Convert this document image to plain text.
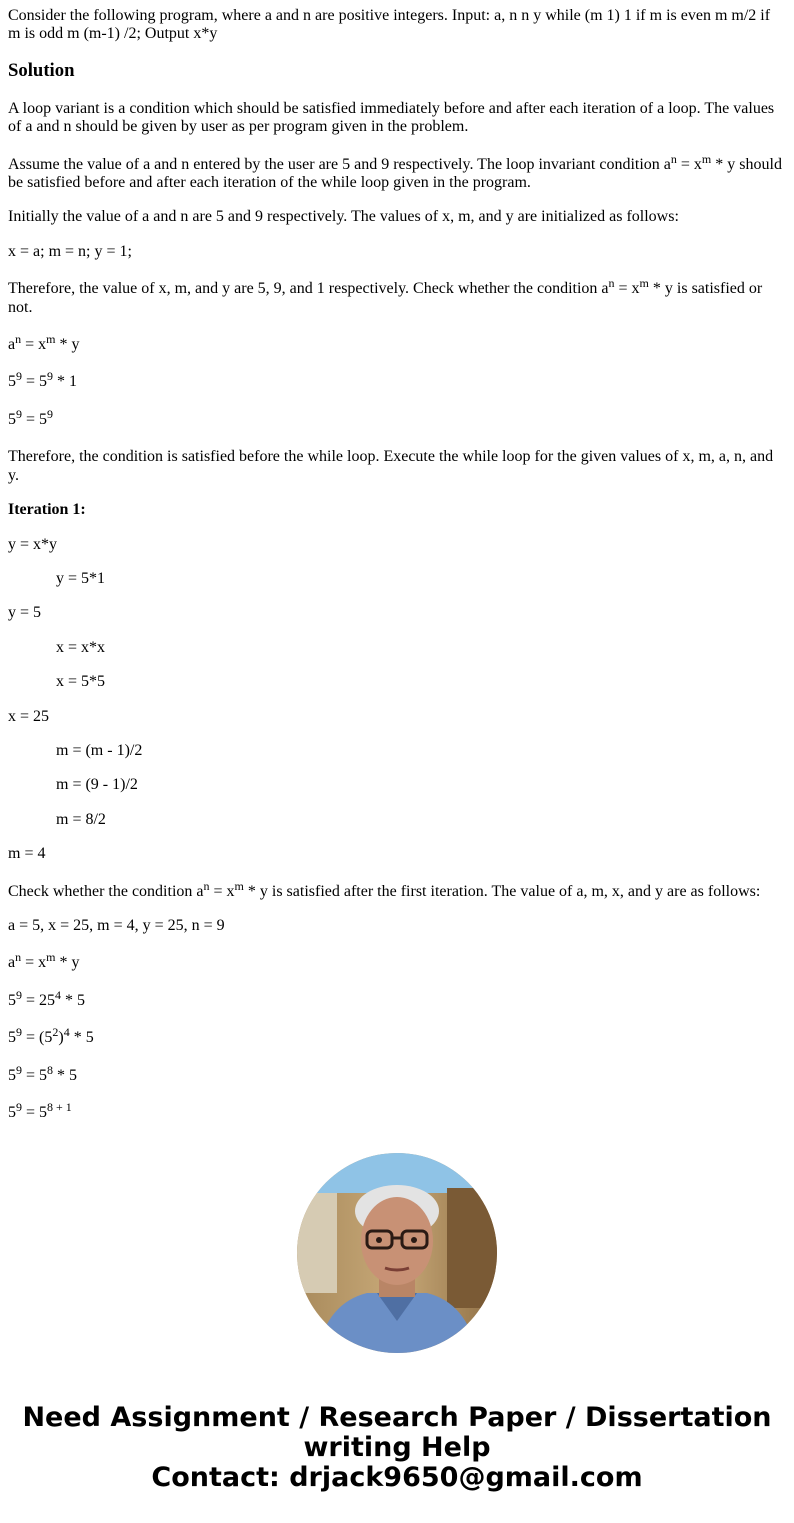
Consider the following program, where a and n are positive integers. Input: a, n n y while (m 1) 1 if m is even m m/2 if m is odd m (m-1) /2; Output x*y

Solution

A loop variant is a condition which should be satisfied immediately before and after each iteration of a loop. The values of a and n should be given by user as per program given in the problem.

Assume the value of a and n entered by the user are 5 and 9 respectively. The loop invariant condition $a^n = x^m * y$ should be satisfied before and after each iteration of the while loop given in the program.

Initially the value of a and n are 5 and 9 respectively. The values of x, m, and y are initialized as follows:

x = a; m = n; y = 1;

Therefore, the value of x, m, and y are 5, 9, and 1 respectively. Check whether the condition $a^n = x^m * y$ is satisfied or not.

$a^n = x^m * y$

$5^9 = 5^9 * 1$

$5^9 = 5^9$

Therefore, the condition is satisfied before the while loop. Execute the while loop for the given values of x, m, a, n, and y.

Iteration 1:

y = x*y

y = 5*1

y = 5

x = x*x

x = 5*5

x = 25

m = (m - 1)/2

m = (9 - 1)/2

m = 8/2

m = 4

Check whether the condition $a^n = x^m * y$ is satisfied after the first iteration. The value of a, m, x, and y are as follows:

a = 5, x = 25, m = 4, y = 25, n = 9

$a^n = x^m * y$

$5^9 = 25^4 * 5$

$5^9 = (5^2)^4 * 5$

$5^9 = 5^8 * 5$

$5^9 = 5^{8 + 1}$

Need Assignment / Research Paper / Dissertation
writing Help
Contact: drjack9650@gmail.com
